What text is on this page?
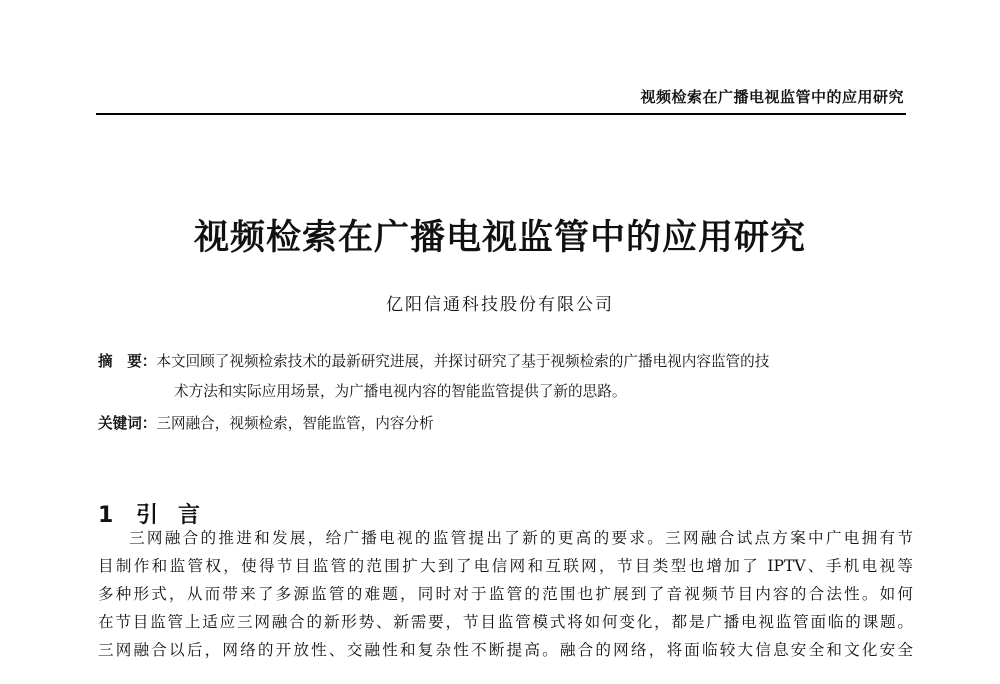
视频检索在广播电视监管中的应用研究
视频检索在广播电视监管中的应用研究
亿阳信通科技股份有限公司
摘　要：本文回顾了视频检索技术的最新研究进展，并探讨研究了基于视频检索的广播电视内容监管的技
术方法和实际应用场景，为广播电视内容的智能监管提供了新的思路。
关键词：三网融合，视频检索，智能监管，内容分析
1 引言
三网融合的推进和发展，给广播电视的监管提出了新的更高的要求。三网融合试点方案中广电拥有节
目制作和监管权，使得节目监管的范围扩大到了电信网和互联网，节目类型也增加了 IPTV、手机电视等
多种形式，从而带来了多源监管的难题，同时对于监管的范围也扩展到了音视频节目内容的合法性。如何
在节目监管上适应三网融合的新形势、新需要，节目监管模式将如何变化，都是广播电视监管面临的课题。
三网融合以后，网络的开放性、交融性和复杂性不断提高。融合的网络，将面临较大信息安全和文化安全
